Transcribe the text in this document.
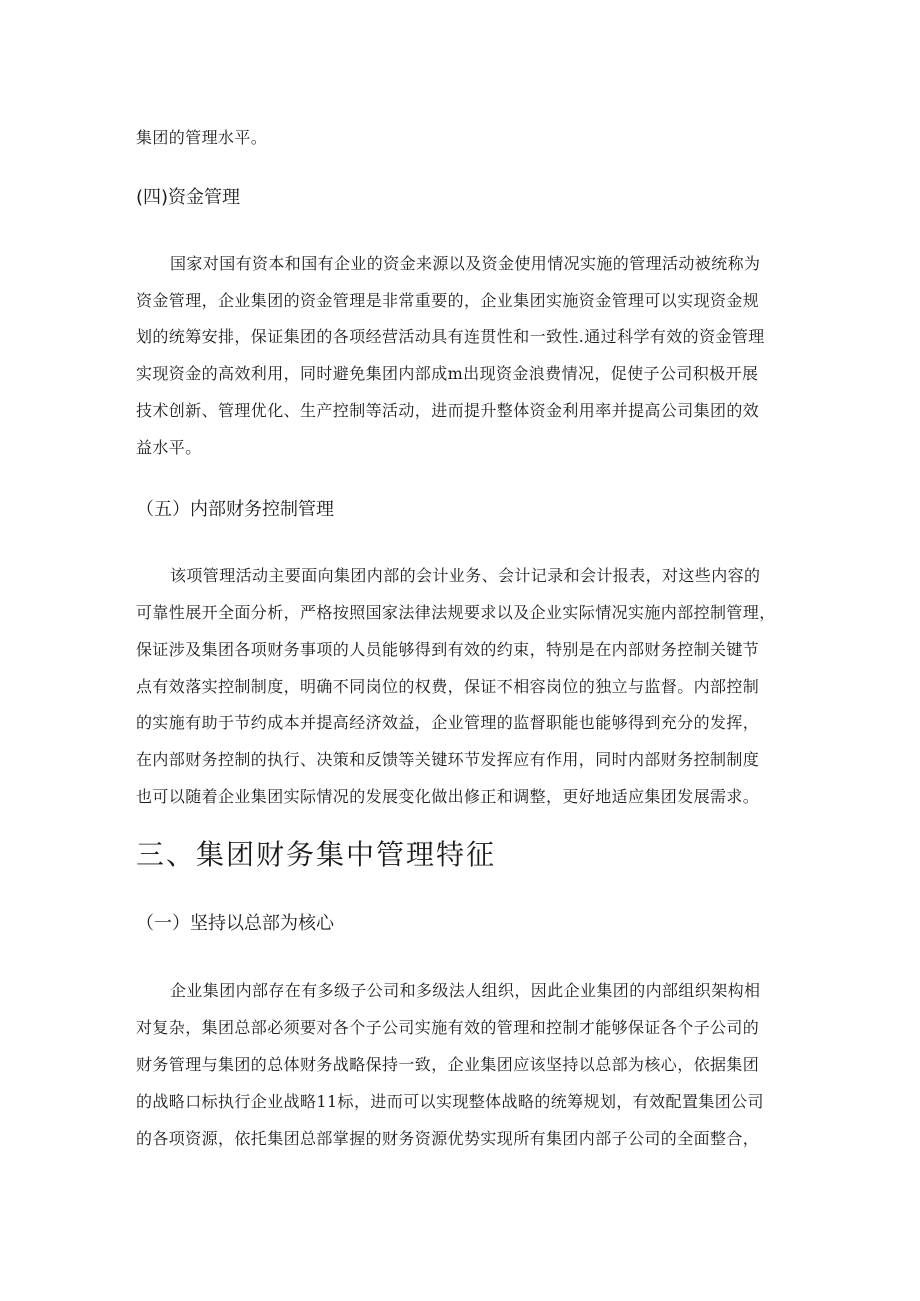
集团的管理水平。
(四)资金管理
国家对国有资本和国有企业的资金来源以及资金使用情况实施的管理活动被统称为
资金管理，企业集团的资金管理是非常重要的，企业集团实施资金管理可以实现资金规
划的统筹安排，保证集团的各项经营活动具有连贯性和一致性.通过科学有效的资金管理
实现资金的高效利用，同时避免集团内部成m出现资金浪费情况，促使子公司积极开展
技术创新、管理优化、生产控制等活动，进而提升整体资金利用率并提高公司集团的效
益水平。
（五）内部财务控制管理
该项管理活动主要面向集团内部的会计业务、会计记录和会计报表，对这些内容的
可靠性展开全面分析，严格按照国家法律法规要求以及企业实际情况实施内部控制管理，
保证涉及集团各项财务事项的人员能够得到有效的约束，特别是在内部财务控制关键节
点有效落实控制制度，明确不同岗位的权费，保证不相容岗位的独立与监督。内部控制
的实施有助于节约成本并提高经济效益，企业管理的监督职能也能够得到充分的发挥，
在内部财务控制的执行、决策和反馈等关键环节发挥应有作用，同时内部财务控制制度
也可以随着企业集团实际情况的发展变化做出修正和调整，更好地适应集团发展需求。
三、集团财务集中管理特征
（一）坚持以总部为核心
企业集团内部存在有多级子公司和多级法人组织，因此企业集团的内部组织架构相
对复杂，集团总部必须要对各个子公司实施有效的管理和控制才能够保证各个子公司的
财务管理与集团的总体财务战略保持一致，企业集团应该坚持以总部为核心，依据集团
的战略口标执行企业战略11标，进而可以实现整体战略的统筹规划，有效配置集团公司
的各项资源，依托集团总部掌握的财务资源优势实现所有集团内部子公司的全面整合，
